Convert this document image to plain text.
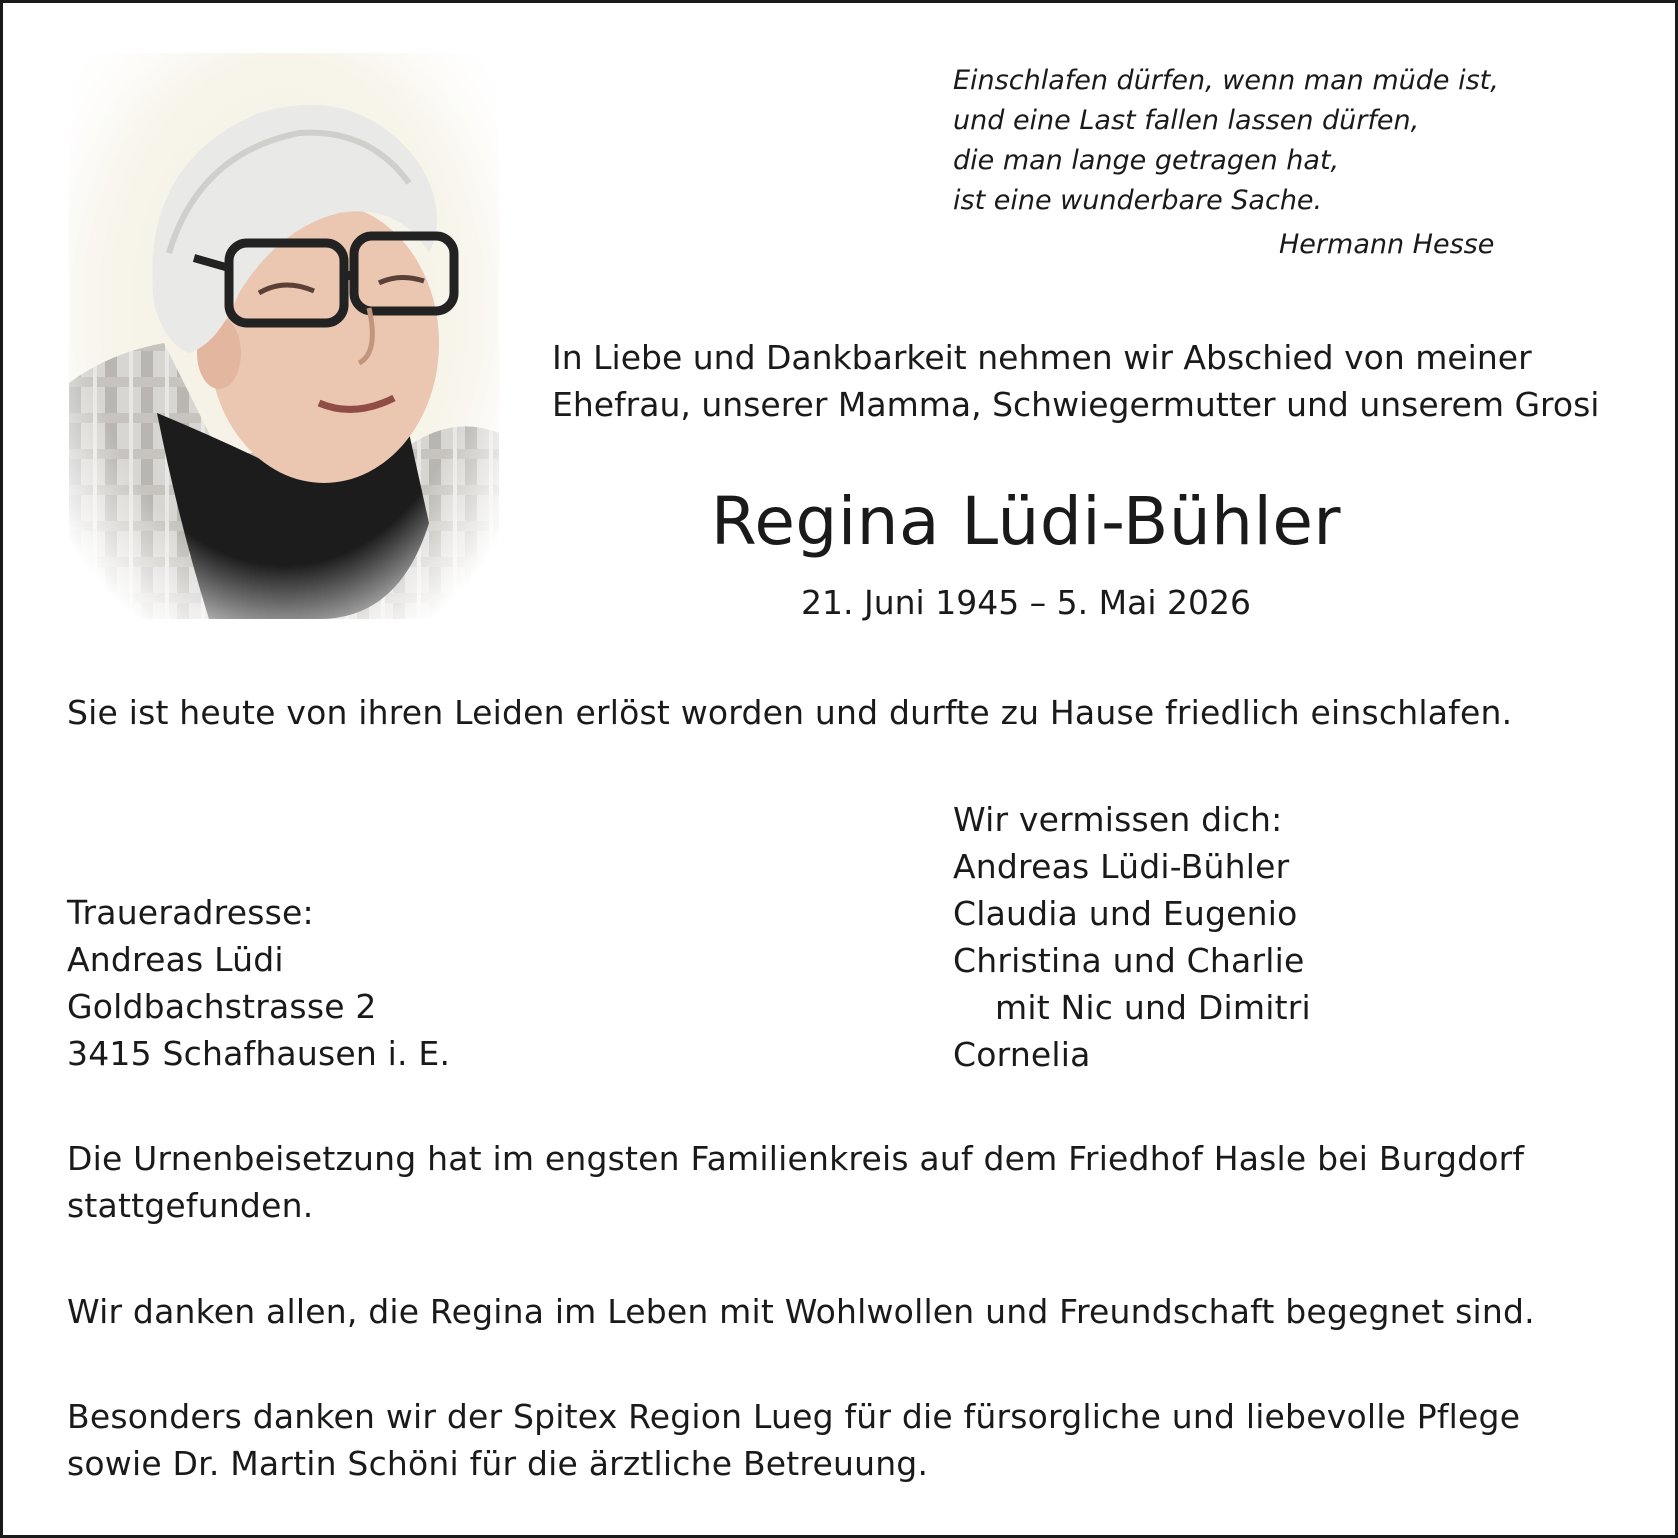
Einschlafen dürfen, wenn man müde ist,
und eine Last fallen lassen dürfen,
die man lange getragen hat,
ist eine wunderbare Sache.
Hermann Hesse
In Liebe und Dankbarkeit nehmen wir Abschied von meiner
Ehefrau, unserer Mamma, Schwiegermutter und unserem Grosi
Regina Lüdi-Bühler
21. Juni 1945 – 5. Mai 2026
Sie ist heute von ihren Leiden erlöst worden und durfte zu Hause friedlich einschlafen.
Wir vermissen dich:
Andreas Lüdi-Bühler
Claudia und Eugenio
Christina und Charlie
mit Nic und Dimitri
Cornelia
Traueradresse:
Andreas Lüdi
Goldbachstrasse 2
3415 Schafhausen i. E.
Die Urnenbeisetzung hat im engsten Familienkreis auf dem Friedhof Hasle bei Burgdorf
stattgefunden.
Wir danken allen, die Regina im Leben mit Wohlwollen und Freundschaft begegnet sind.
Besonders danken wir der Spitex Region Lueg für die fürsorgliche und liebevolle Pflege
sowie Dr. Martin Schöni für die ärztliche Betreuung.
